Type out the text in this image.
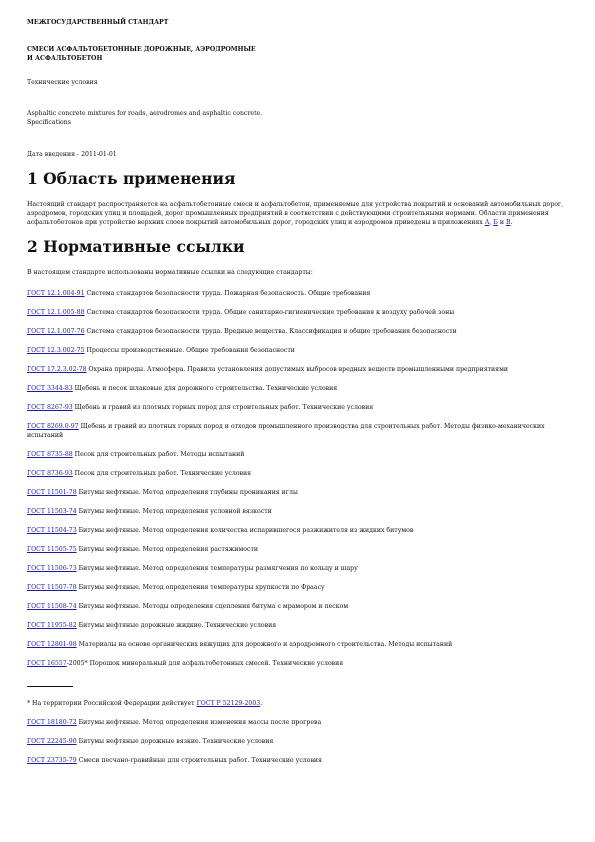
МЕЖГОСУДАРСТВЕННЫЙ СТАНДАРТ

СМЕСИ АСФАЛЬТОБЕТОННЫЕ ДОРОЖНЫЕ, АЭРОДРОМНЫЕ
И АСФАЛЬТОБЕТОН

Технические условия

Asphaltic concrete mixtures for roads, aerodromes and asphaltic concrete.
Specifications

Дата введения - 2011-01-01

1 Область применения

Настоящий стандарт распространяется на асфальтобетонные смеси и асфальтобетон, применяемые для устройства покрытий и оснований автомобильных дорог, аэродромов, городских улиц и площадей, дорог промышленных предприятий в соответствии с действующими строительными нормами. Области применения асфальтобетонов при устройстве верхних слоев покрытий автомобильных дорог, городских улиц и аэродромов приведены в приложениях А, Б и В.

2 Нормативные ссылки

В настоящем стандарте использованы нормативные ссылки на следующие стандарты:

ГОСТ 12.1.004-91 Система стандартов безопасности труда. Пожарная безопасность. Общие требования

ГОСТ 12.1.005-88 Система стандартов безопасности труда. Общие санитарно-гигиенические требования к воздуху рабочей зоны

ГОСТ 12.1.007-76 Система стандартов безопасности труда. Вредные вещества. Классификация и общие требования безопасности

ГОСТ 12.3.002-75 Процессы производственные. Общие требования безопасности

ГОСТ 17.2.3.02-78 Охрана природы. Атмосфера. Правила установления допустимых выбросов вредных веществ промышленными предприятиями

ГОСТ 3344-83 Щебень и песок шлаковые для дорожного строительства. Технические условия

ГОСТ 8267-93 Щебень и гравий из плотных горных пород для строительных работ. Технические условия

ГОСТ 8269.0-97 Щебень и гравий из плотных горных пород и отходов промышленного производства для строительных работ. Методы физико-механических испытаний

ГОСТ 8735-88 Песок для строительных работ. Методы испытаний

ГОСТ 8736-93 Песок для строительных работ. Технические условия

ГОСТ 11501-78 Битумы нефтяные. Метод определения глубины проникания иглы

ГОСТ 11503-74 Битумы нефтяные. Метод определения условной вязкости

ГОСТ 11504-73 Битумы нефтяные. Метод определения количества испарившегося разжижителя из жидких битумов

ГОСТ 11505-75 Битумы нефтяные. Метод определения растяжимости

ГОСТ 11506-73 Битумы нефтяные. Метод определения температуры размягчения по кольцу и шару

ГОСТ 11507-78 Битумы нефтяные. Метод определения температуры хрупкости по Фраасу

ГОСТ 11508-74 Битумы нефтяные. Методы определения сцепления битума с мрамором и песком

ГОСТ 11955-82 Битумы нефтяные дорожные жидкие. Технические условия

ГОСТ 12801-98 Материалы на основе органических вяжущих для дорожного и аэродромного строительства. Методы испытаний

ГОСТ 16557-2005* Порошок минеральный для асфальтобетонных смесей. Технические условия

* На территории Российской Федерации действует ГОСТ Р 52129-2003.

ГОСТ 18180-72 Битумы нефтяные. Метод определения изменения массы после прогрева

ГОСТ 22245-90 Битумы нефтяные дорожные вязкие. Технические условия

ГОСТ 23735-79 Смеси песчано-гравийные для строительных работ. Технические условия
